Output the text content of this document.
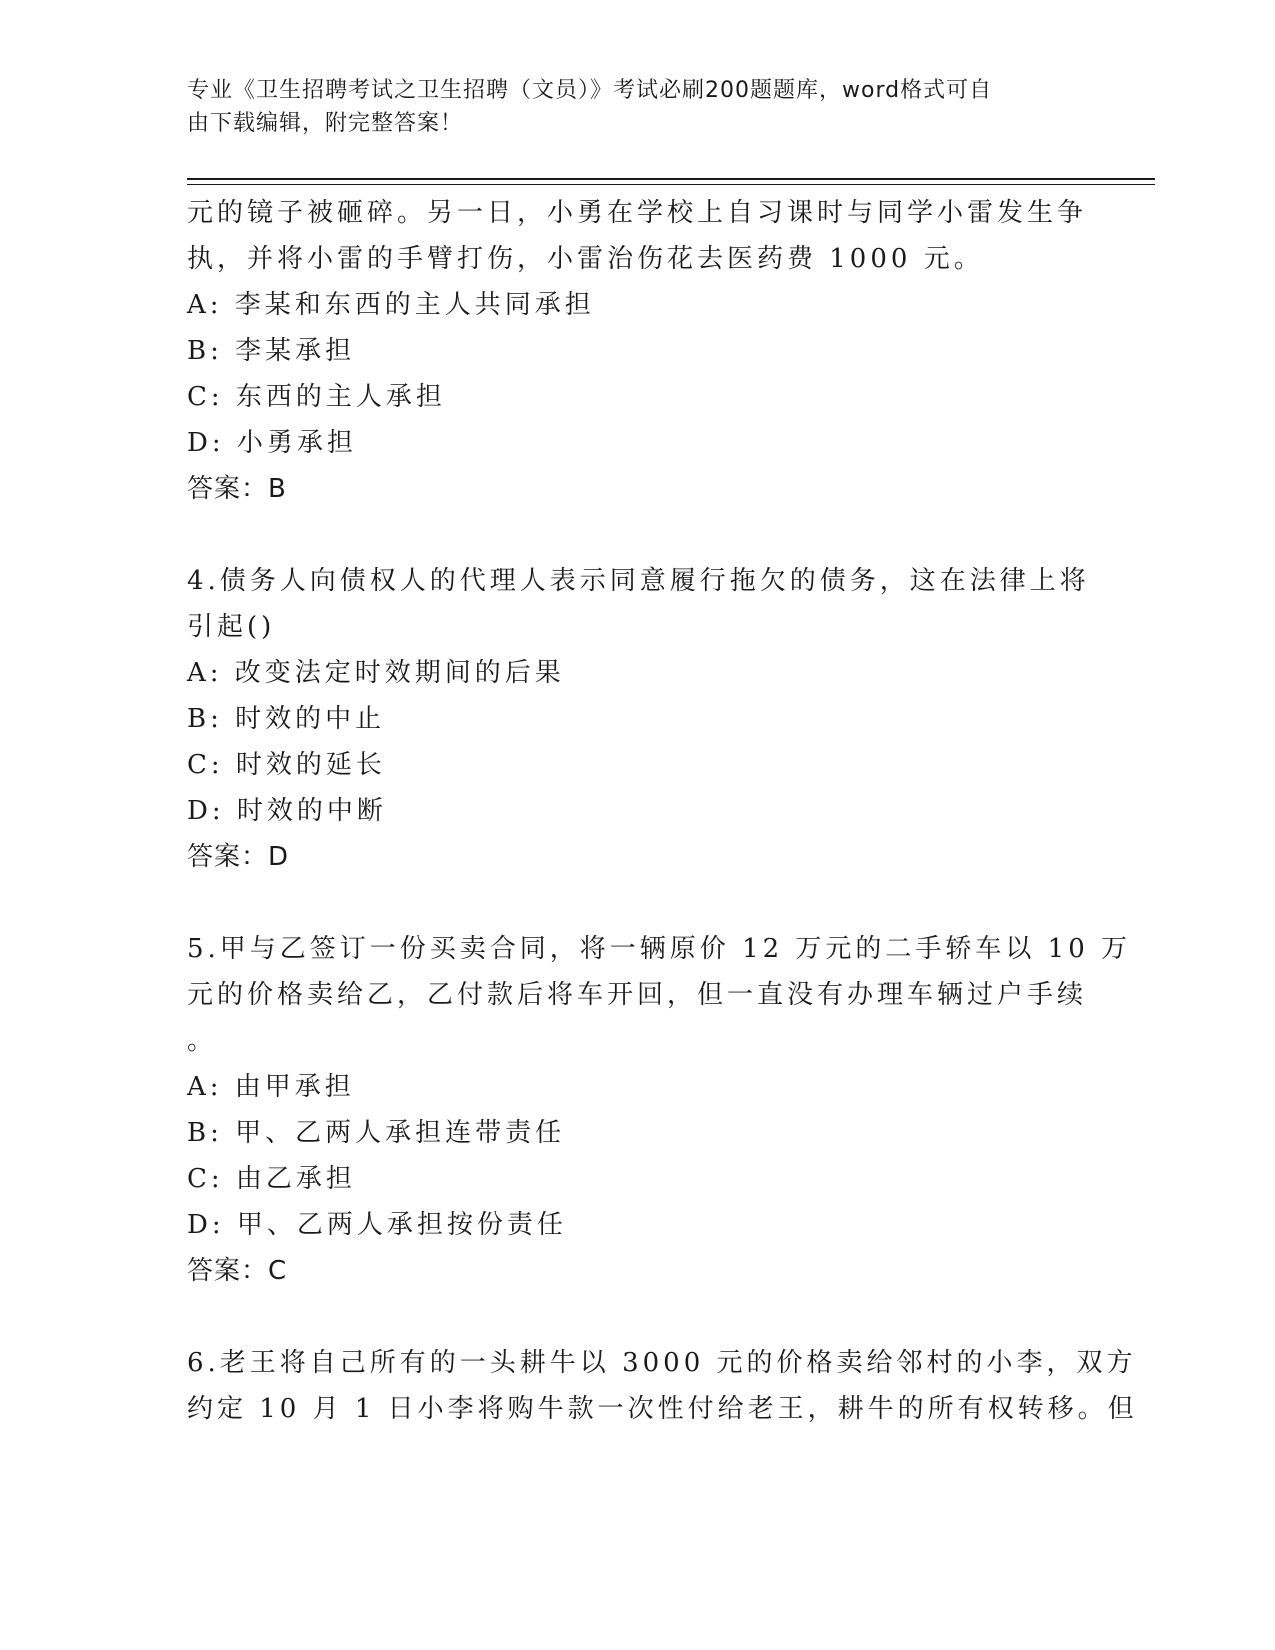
专业《卫生招聘考试之卫生招聘（文员）》考试必刷200题题库，word格式可自
由下载编辑，附完整答案！
元的镜子被砸碎。另一日，小勇在学校上自习课时与同学小雷发生争
执，并将小雷的手臂打伤，小雷治伤花去医药费 1000 元。
A: 李某和东西的主人共同承担
B: 李某承担
C: 东西的主人承担
D: 小勇承担
答案：B
4.债务人向债权人的代理人表示同意履行拖欠的债务，这在法律上将
引起()
A: 改变法定时效期间的后果
B: 时效的中止
C: 时效的延长
D: 时效的中断
答案：D
5.甲与乙签订一份买卖合同，将一辆原价 12 万元的二手轿车以 10 万
元的价格卖给乙，乙付款后将车开回，但一直没有办理车辆过户手续
。
A: 由甲承担
B: 甲、乙两人承担连带责任
C: 由乙承担
D: 甲、乙两人承担按份责任
答案：C
6.老王将自己所有的一头耕牛以 3000 元的价格卖给邻村的小李，双方
约定 10 月 1 日小李将购牛款一次性付给老王，耕牛的所有权转移。但
